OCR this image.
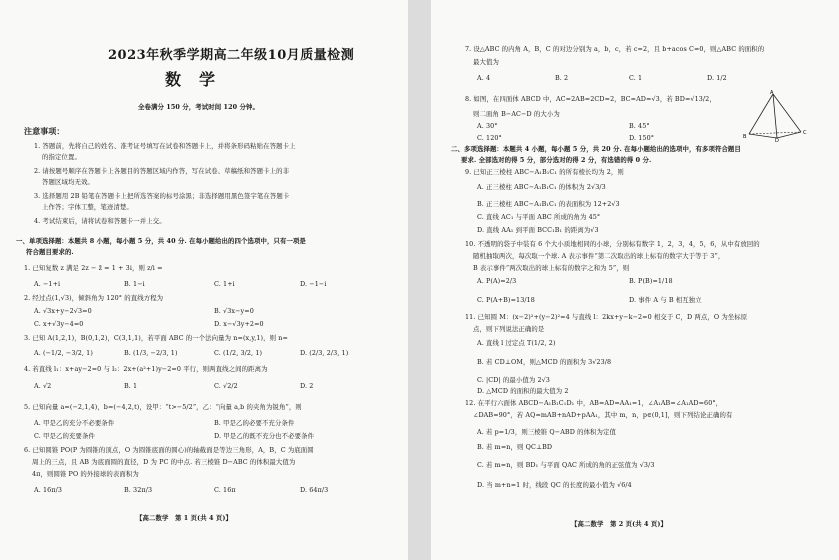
2023年秋季学期高二年级10月质量检测
数学
全卷满分 150 分，考试时间 120 分钟。
注意事项：
1. 答题前，先将自己的姓名、准考证号填写在试卷和答题卡上，并将条形码粘贴在答题卡上
的指定位置。
2. 请按题号顺序在答题卡上各题目的答题区域内作答，写在试卷、草稿纸和答题卡上的非
答题区域均无效。
3. 选择题用 2B 铅笔在答题卡上把所选答案的标号涂黑；非选择题用黑色签字笔在答题卡
上作答；字体工整，笔迹清楚。
4. 考试结束后，请将试卷和答题卡一并上交。
一、单项选择题：本题共 8 小题，每小题 5 分，共 40 分. 在每小题给出的四个选项中，只有一项是
符合题目要求的.
1. 已知复数 z 满足 2z − z̄ = 1 + 3i，则 z/i =
A. −1+i	B. 1−i	C. 1+i	D. −1−i
2. 经过点(1,√3)，倾斜角为 120° 的直线方程为
A. √3x+y−2√3=0	B. √3x−y=0
C. x+√3y−4=0	D. x−√3y+2=0
3. 已知 A(1,2,1)，B(0,1,2)，C(3,1,1)，若平面 ABC 的一个法向量为 n=(x,y,1)，则 n=
A. (−1/2, −3/2, 1)	B. (1/3, −2/3, 1)	C. (1/2, 3/2, 1)	D. (2/3, 2/3, 1)
4. 若直线 l₁：x+ay−2=0 与 l₂：2x+(a²+1)y−2=0 平行，则两直线之间的距离为
A. √2	B. 1	C. √2/2	D. 2
5. 已知向量 a=(−2,1,4)，b=(−4,2,t)，设甲：“t>−5/2”，乙：“向量 a,b 的夹角为锐角”，则
A. 甲是乙的充分不必要条件	B. 甲是乙的必要不充分条件
C. 甲是乙的充要条件	D. 甲是乙的既不充分也不必要条件
6. 已知圆锥 PO(P 为圆锥的顶点，O 为圆锥底面的圆心)的轴截面是等边三角形，A，B，C 为底面圆
周上的三点，且 AB 为底面圆的直径，D 为 PC 的中点. 若三棱锥 D−ABC 的体积最大值为
4π，则圆锥 PO 的外接球的表面积为
A. 16π/3	B. 32π/3	C. 16π	D. 64π/3
【高二数学　第 1 页(共 4 页)】
7. 设△ABC 的内角 A，B，C 的对边分别为 a，b，c，若 c=2，且 b+acos C=0，则△ABC 的面积的
最大值为
A. 4	B. 2	C. 1	D. 1/2
8. 如图，在四面体 ABCD 中，AC=2AB=2CD=2，BC=AD=√3，若 BD=√13/2，
则二面角 B−AC−D 的大小为
A. 30°	B. 45°
C. 120°	D. 150°
A
B
C
D
二、多项选择题：本题共 4 小题，每小题 5 分，共 20 分. 在每小题给出的选项中，有多项符合题目
要求. 全部选对的得 5 分，部分选对的得 2 分，有选错的得 0 分.
9. 已知正三棱柱 ABC−A₁B₁C₁ 的所有棱长均为 2，则
A. 正三棱柱 ABC−A₁B₁C₁ 的体积为 2√3/3
B. 正三棱柱 ABC−A₁B₁C₁ 的表面积为 12+2√3
C. 直线 AC₁ 与平面 ABC 所成的角为 45°
D. 直线 AA₁ 到平面 BCC₁B₁ 的距离为√3
10. 不透明的袋子中装有 6 个大小质地相同的小球，分别标有数字 1，2，3，4，5，6，从中有放回的
随机抽取两次，每次取一个球. A 表示事件“第二次取出的球上标有的数字大于等于 3”，
B 表示事件“两次取出的球上标有的数字之和为 5”，则
A. P(A)=2/3	B. P(B)=1/18
C. P(A+B)=13/18	D. 事件 A 与 B 相互独立
11. 已知圆 M：(x−2)²+(y−2)²=4 与直线 l：2kx+y−k−2=0 相交于 C，D 两点，O 为坐标原
点，则下列说法正确的是
A. 直线 l 过定点 T(1/2, 2)
B. 若 CD⊥OM，则△MCD 的面积为 3√23/8
C. |CD| 的最小值为 2√3
D. △MCD 的面积的最大值为 2
12. 在平行六面体 ABCD−A₁B₁C₁D₁ 中，AB=AD=AA₁=1，∠A₁AB=∠A₁AD=60°，
∠DAB=90°，若 AQ=mAB+nAD+pAA₁，其中 m，n，p∈(0,1]，则下列结论正确的有
A. 若 p=1/3，则三棱锥 Q−ABD 的体积为定值
B. 若 m=n，则 QC⊥BD
C. 若 m=n，则 BD₁ 与平面 QAC 所成的角的正弦值为 √3/3
D. 当 m+n=1 时，线段 QC 的长度的最小值为 √6/4
【高二数学　第 2 页(共 4 页)】
